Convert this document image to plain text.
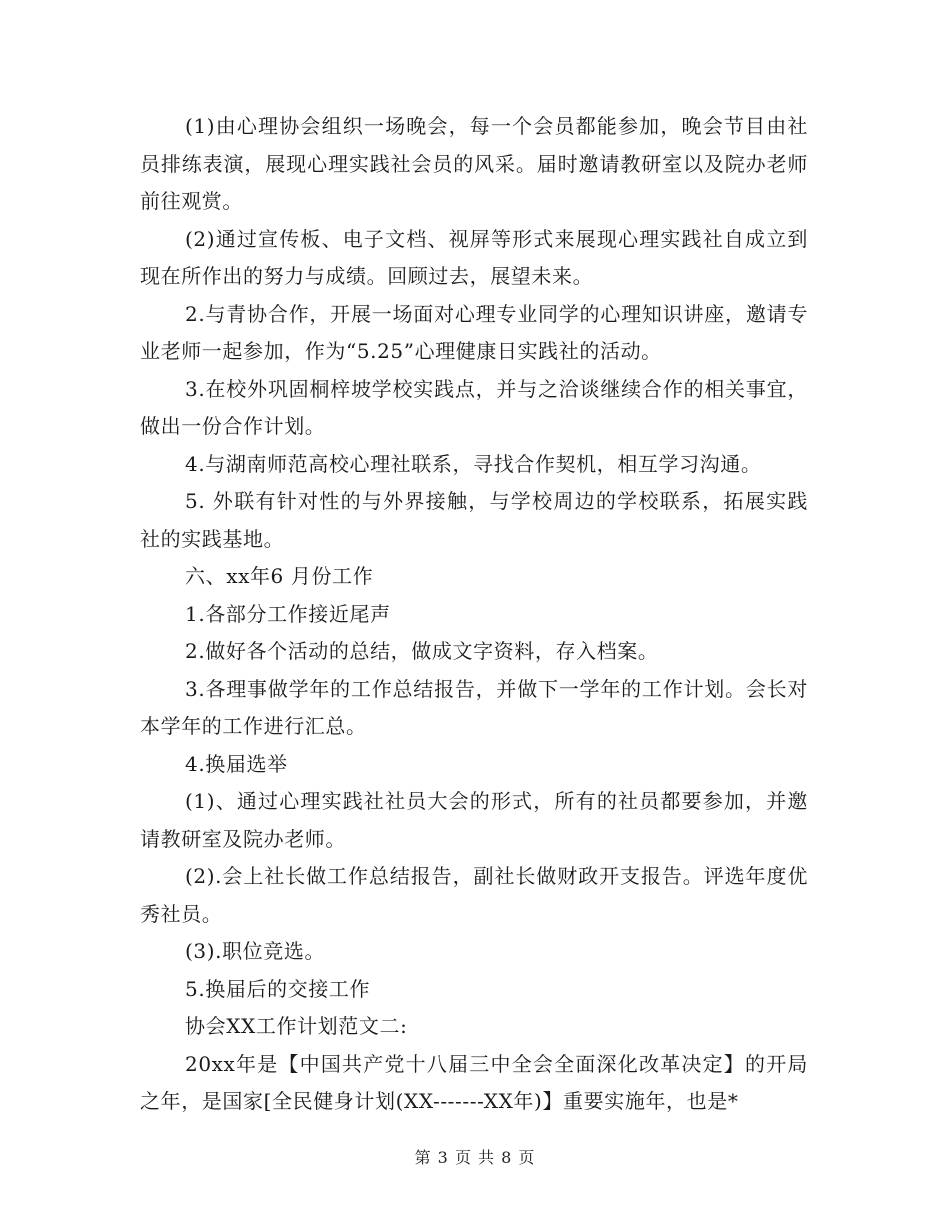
(1)由心理协会组织一场晚会，每一个会员都能参加，晚会节目由社员排练表演，展现心理实践社会员的风采。届时邀请教研室以及院办老师前往观赏。

(2)通过宣传板、电子文档、视屏等形式来展现心理实践社自成立到现在所作出的努力与成绩。回顾过去，展望未来。

2.与青协合作，开展一场面对心理专业同学的心理知识讲座，邀请专业老师一起参加，作为“5.25”心理健康日实践社的活动。

3.在校外巩固桐梓坡学校实践点，并与之洽谈继续合作的相关事宜，做出一份合作计划。

4.与湖南师范高校心理社联系，寻找合作契机，相互学习沟通。

5. 外联有针对性的与外界接触，与学校周边的学校联系，拓展实践社的实践基地。

六、xx年6 月份工作

1.各部分工作接近尾声

2.做好各个活动的总结，做成文字资料，存入档案。

3.各理事做学年的工作总结报告，并做下一学年的工作计划。会长对本学年的工作进行汇总。

4.换届选举

(1)、通过心理实践社社员大会的形式，所有的社员都要参加，并邀请教研室及院办老师。

(2).会上社长做工作总结报告，副社长做财政开支报告。评选年度优秀社员。

(3).职位竞选。

5.换届后的交接工作

协会XX工作计划范文二:

20xx年是【中国共产党十八届三中全会全面深化改革决定】的开局之年，是国家[全民健身计划(XX-------XX年)】重要实施年，也是*

第 3 页 共 8 页
